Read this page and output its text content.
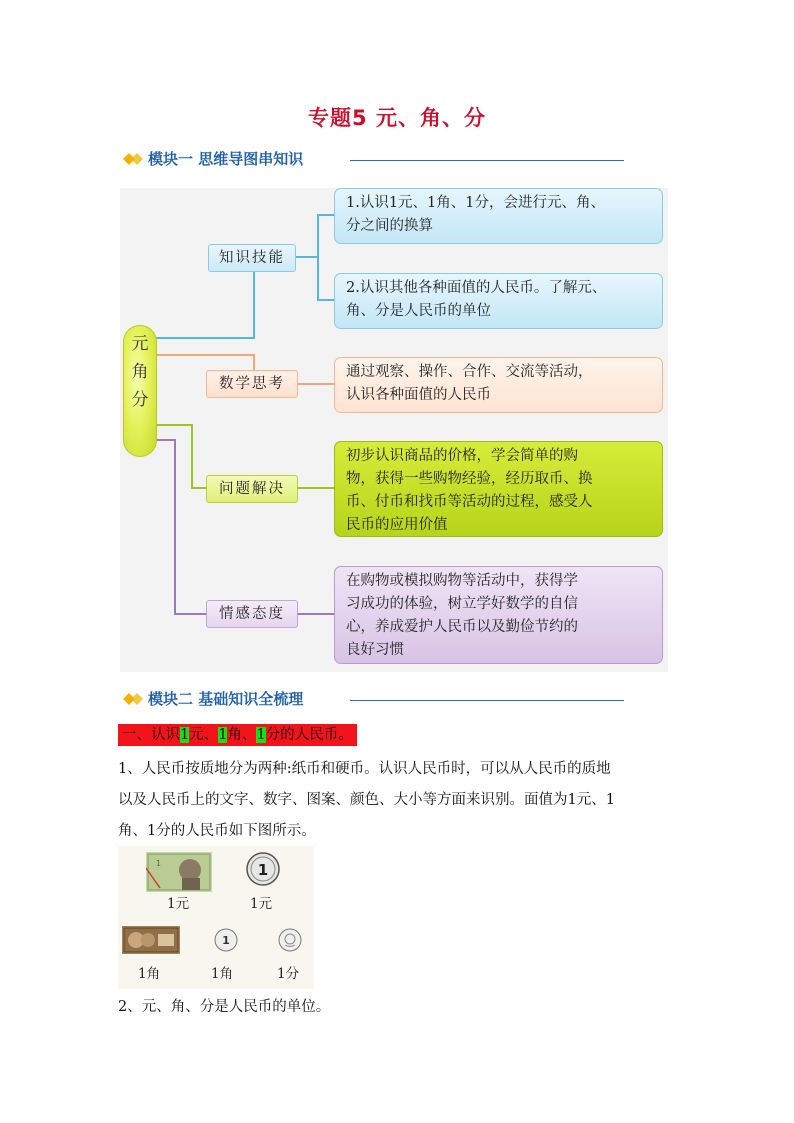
专题5 元、角、分
模块一 思维导图串知识
元
角
分
知识技能
数学思考
问题解决
情感态度
1.认识1元、1角、1分，会进行元、角、
分之间的换算
2.认识其他各种面值的人民币。了解元、
角、分是人民币的单位
通过观察、操作、合作、交流等活动，
认识各种面值的人民币
初步认识商品的价格，学会简单的购
物，获得一些购物经验，经历取币、换
币、付币和找币等活动的过程，感受人
民币的应用价值
在购物或模拟购物等活动中，获得学
习成功的体验，树立学好数学的自信
心，养成爱护人民币以及勤俭节约的
良好习惯
模块二 基础知识全梳理
一、认识1元、1角、1分的人民币。
1、人民币按质地分为两种:纸币和硬币。认识人民币时，可以从人民币的质地
以及人民币上的文字、数字、图案、颜色、大小等方面来识别。面值为1元、1
角、1分的人民币如下图所示。
1	1
1元	1元
1
1角	1角	1分
2、元、角、分是人民币的单位。
